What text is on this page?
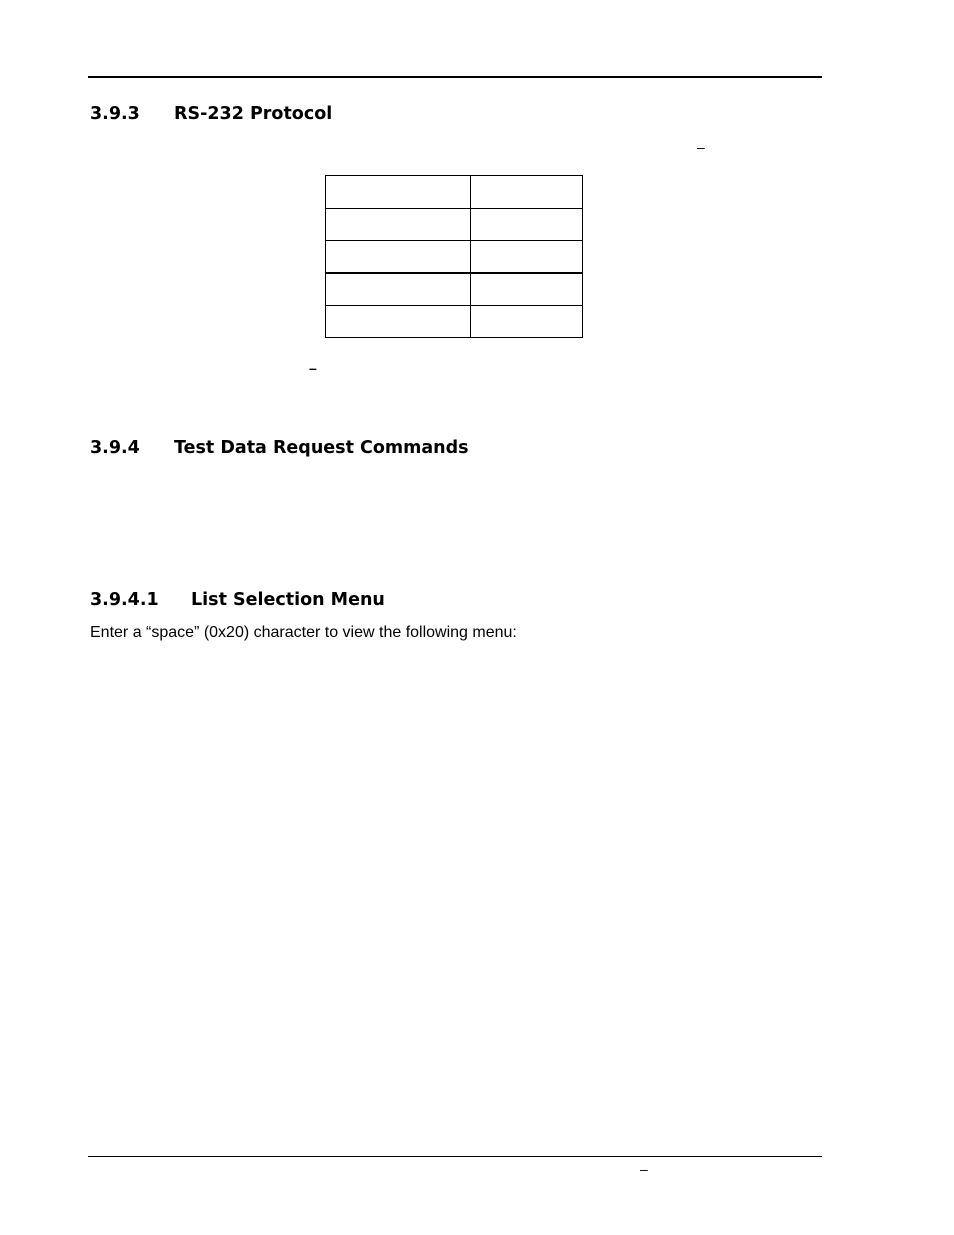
3.9.3 RS-232 Protocol
–

–
3.9.4 Test Data Request Commands
3.9.4.1 List Selection Menu

Enter a “space” (0x20) character to view the following menu:

–
